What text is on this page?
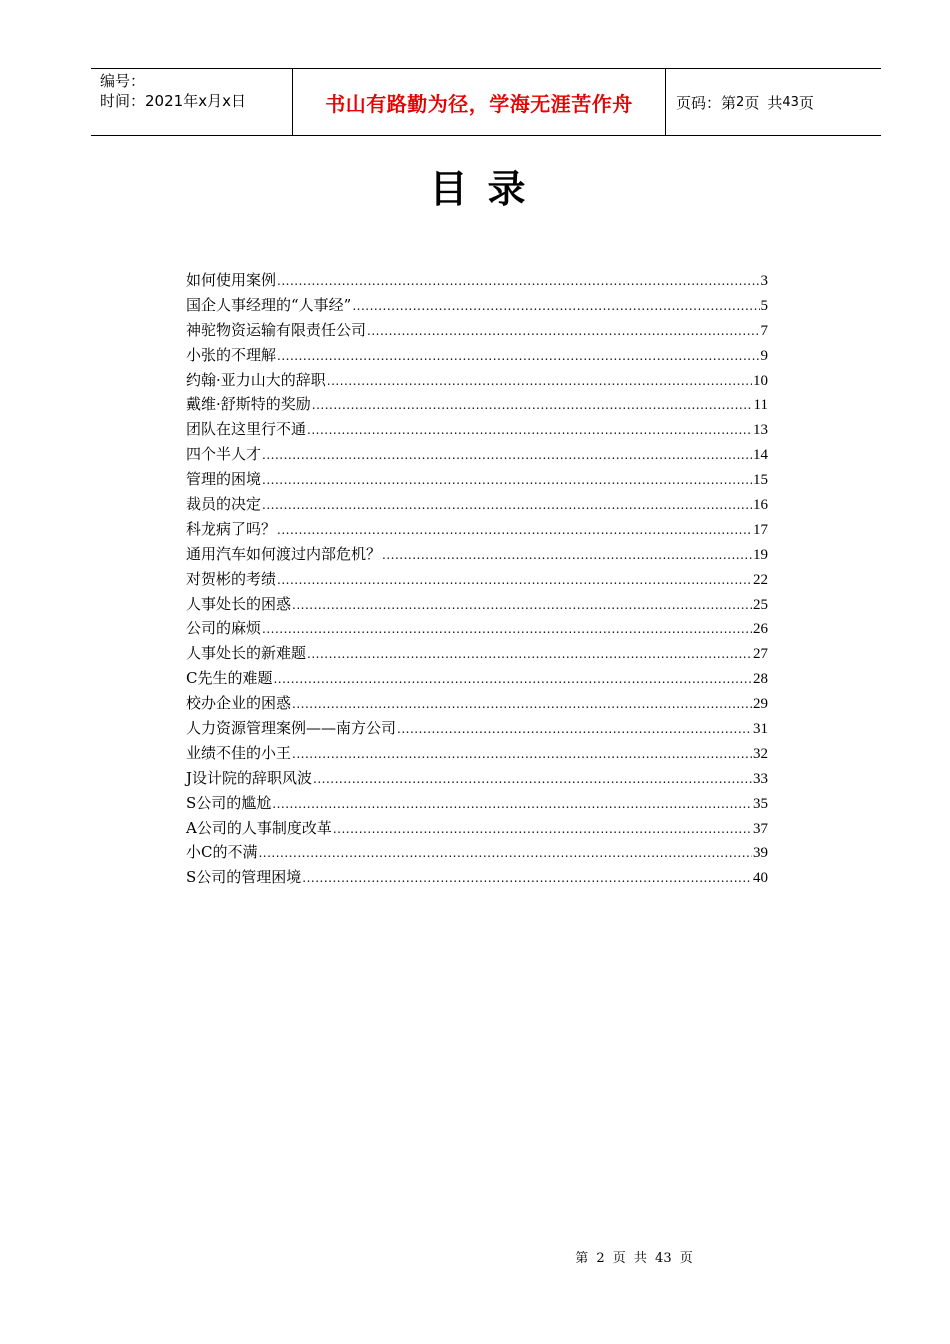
编号：
时间：2021年x月x日	书山有路勤为径，学海无涯苦作舟	页码： 第 2 页 共 43 页
目录
如何使用案例 .....	3
国企人事经理的“人事经” .....	5
神驼物资运输有限责任公司 .....	7
小张的不理解 .....	9
约翰·亚力山大的辞职 .....	10
戴维·舒斯特的奖励 .....	11
团队在这里行不通 .....	13
四个半人才 .....	14
管理的困境 .....	15
裁员的决定 .....	16
科龙病了吗？ .....	17
通用汽车如何渡过内部危机？ .....	19
对贺彬的考绩 .....	22
人事处长的困惑 .....	25
公司的麻烦 .....	26
人事处长的新难题 .....	27
C先生的难题 .....	28
校办企业的困惑 .....	29
人力资源管理案例——南方公司 .....	31
业绩不佳的小王 .....	32
J设计院的辞职风波 .....	33
S公司的尴尬 .....	35
A公司的人事制度改革 .....	37
小C的不满 .....	39
S公司的管理困境 .....	40
第 2 页 共 43 页
